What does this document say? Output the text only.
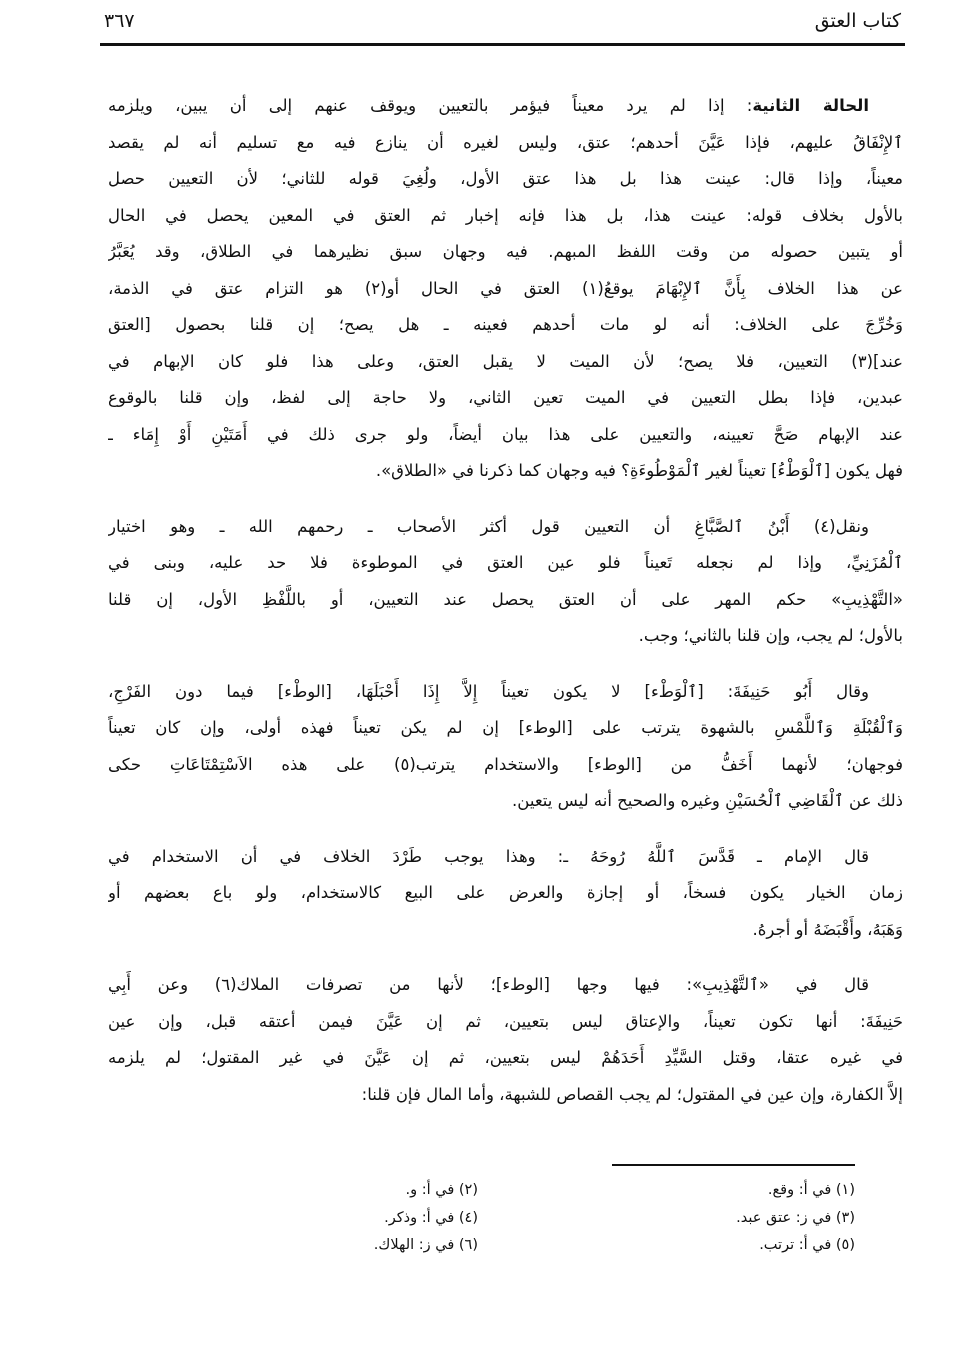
كتاب العتق
٣٦٧
الحالة الثانية: إذا لم يرد معيناً فيؤمر بالتعيين ويوقف عنهم إلى أن يبين، ويلزمه
ٱلإِنْفَاقُ عليهم، فإذا عَيَّنَ أحدهم؛ عتق، وليس لغيره أن ينازع فيه مع تسليم أنه لم يقصد
معيناً، وإذا قال: عينت هذا بل هذا عتق الأول، ولُغِيَ قوله للثاني؛ لأن التعيين حصل
بالأول بخلاف قوله: عينت هذا، بل هذا فإنه إخبار ثم العتق في المعين يحصل في الحال
أو يتبين حصوله من وقت اللفظ المبهم. فيه وجهان سبق نظيرهما في الطلاق، وقد يُعَبَّرُ
عن هذا الخلاف بِأَنَّ ٱلإِبْهَامَ يوقعُ(١) العتق في الحال أو(٢) هو التزام عتق في الذمة،
وَخُرِّجَ على الخلاف: أنه لو مات أحدهم فعينه ـ هل يصح؛ إن قلنا بحصول [العتق
عند](٣) التعيين، فلا يصح؛ لأن الميت لا يقبل العتق، وعلى هذا فلو كان الإبهام في
عبدين، فإذا بطل التعيين في الميت تعين الثاني، ولا حاجة إلى لفظ، وإن قلنا بالوقوع
عند الإبهام صَحَّ تعيينه، والتعيين على هذا بيان أيضاً، ولو جرى ذلك في أَمَتَيْنِ أَوْ إِمَاء ـ
فهل يكون [ٱلْوَطْءُ] تعيناً لغير ٱلْمَوْطُوءَةِ؟ فيه وجهان كما ذكرنا في «الطلاق».
ونقل(٤) أَبْنُ ٱلصَّبَّاغِ أن التعيين قول أكثر الأصحاب ـ رحمهم الله ـ وهو اختيار
ٱلْمُزَنِيِّ، وإذا لم نجعله تَعيناً فلو عين العتق في الموطوءة فلا حد عليه، وبنى في
«التَّهْذِيبِ» حكم المهر على أن العتق يحصل عند التعيين، أو باللَّفْظِ الأول، إن قلنا
بالأول؛ لم يجب، وإن قلنا بالثاني؛ وجب.
وقال أَبُو حَنِيفَةَ: [ٱلْوَطْء] لا يكون تعيناً إِلاَّ إِذَا أَحْبَلَهَا، [الوطْء] فيما دون الفَرْجِ،
وَٱلْقُبْلَةِ وَٱللَّمْسِ بالشهوة يترتب على [الوطء] إن لم يكن تعيناً فهذه أولى، وإن كان تعيناً
فوجهان؛ لأنهما أَخَفُّ من [الوطء] والاستخدام يترتب(٥) على هذه الاَسْتِمْتَاعَاتِ حكى
ذلك عن ٱلْقَاضِي ٱلْحُسَيْنِ وغيره والصحيح أنه ليس يتعين.
قال الإمام ـ قَدَّسَ ٱللَّهُ رُوحَهُ ـ: وهذا يوجب طَرْدَ الخلاف في أن الاستخدام في
زمان الخيار يكون فسخاً، أو إجازة والعرض على البيع كالاستخدام، ولو باع بعضهم أو
وَهَبَهُ، وأَقْبَضَهُ أو أجرهُ.
قال في «ٱلتَّهْذِيبِ»: فيها وجها [الوطء]؛ لأنها من تصرفات الملاك(٦) وعن أَبِي
حَنِيفَةَ: أنها تكون تعيناً، والإعتاق ليس بتعيين، ثم إن عَيَّنَ فيمن أعتقه قبل، وإن عين
في غيره عتقا، وقتل السَّيِّدِ أَحَدَهُمْ ليس بتعيين، ثم إن عَيَّنَ في غير المقتول؛ لم يلزمه
إلاَّ الكفارة، وإن عين في المقتول؛ لم يجب القصاص للشبهة، وأما المال فإن قلنا:
(١) في أ: وقع.
(٢) في أ: و.
(٣) في ز: عتق عبد.
(٤) في أ: وذكر.
(٥) في أ: ترتب.
(٦) في ز: الهلاك.
